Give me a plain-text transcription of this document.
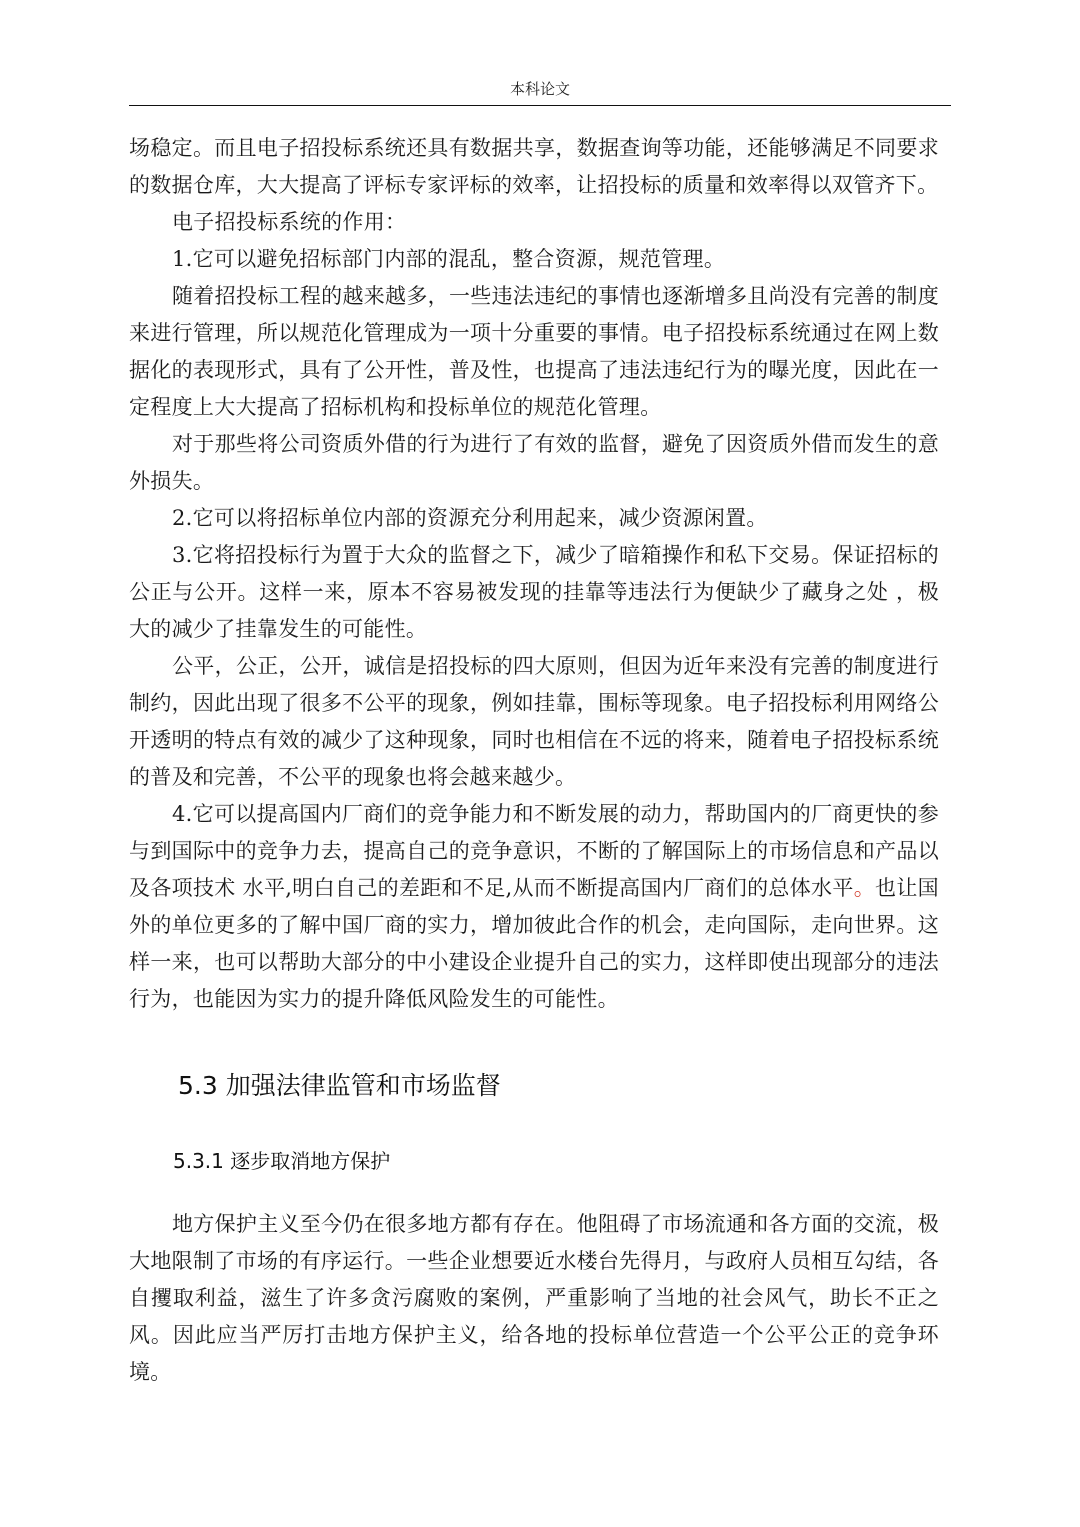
本科论文

场稳定。而且电子招投标系统还具有数据共享，数据查询等功能，还能够满足不同要求的数据仓库，大大提高了评标专家评标的效率，让招投标的质量和效率得以双管齐下。

电子招投标系统的作用：

1.它可以避免招标部门内部的混乱，整合资源，规范管理。

随着招投标工程的越来越多，一些违法违纪的事情也逐渐增多且尚没有完善的制度来进行管理，所以规范化管理成为一项十分重要的事情。电子招投标系统通过在网上数据化的表现形式，具有了公开性，普及性，也提高了违法违纪行为的曝光度，因此在一定程度上大大提高了招标机构和投标单位的规范化管理。

对于那些将公司资质外借的行为进行了有效的监督，避免了因资质外借而发生的意外损失。

2.它可以将招标单位内部的资源充分利用起来，减少资源闲置。

3.它将招投标行为置于大众的监督之下，减少了暗箱操作和私下交易。保证招标的公正与公开。这样一来，原本不容易被发现的挂靠等违法行为便缺少了藏身之处 ，极大的减少了挂靠发生的可能性。

公平，公正，公开，诚信是招投标的四大原则，但因为近年来没有完善的制度进行制约，因此出现了很多不公平的现象，例如挂靠，围标等现象。电子招投标利用网络公开透明的特点有效的减少了这种现象，同时也相信在不远的将来，随着电子招投标系统的普及和完善，不公平的现象也将会越来越少。

4.它可以提高国内厂商们的竞争能力和不断发展的动力，帮助国内的厂商更快的参与到国际中的竞争力去，提高自己的竞争意识，不断的了解国际上的市场信息和产品以及各项技术 水平,明白自己的差距和不足,从而不断提高国内厂商们的总体水平。也让国外的单位更多的了解中国厂商的实力，增加彼此合作的机会，走向国际，走向世界。这样一来，也可以帮助大部分的中小建设企业提升自己的实力，这样即使出现部分的违法行为，也能因为实力的提升降低风险发生的可能性。

5.3 加强法律监管和市场监督
5.3.1 逐步取消地方保护

地方保护主义至今仍在很多地方都有存在。他阻碍了市场流通和各方面的交流，极大地限制了市场的有序运行。一些企业想要近水楼台先得月，与政府人员相互勾结，各自攫取利益，滋生了许多贪污腐败的案例，严重影响了当地的社会风气，助长不正之风。因此应当严厉打击地方保护主义，给各地的投标单位营造一个公平公正的竞争环境。
